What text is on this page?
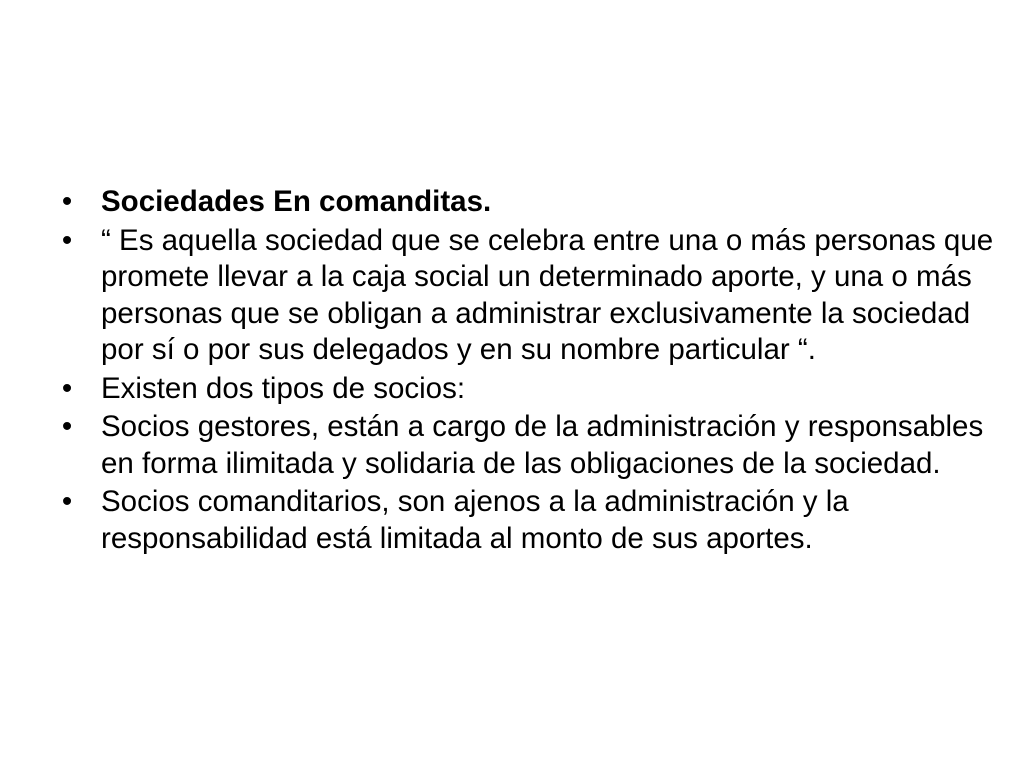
• Sociedades En comanditas.
• “ Es aquella sociedad que se celebra entre una o más personas que promete llevar a la caja social un determinado aporte, y una o más personas que se obligan a administrar exclusivamente la sociedad por sí o por sus delegados y en su nombre particular “.
• Existen dos tipos de socios:
• Socios gestores, están a cargo de la administración y responsables en forma ilimitada y solidaria de las obligaciones de la sociedad.
• Socios comanditarios, son ajenos a la administración y la responsabilidad está limitada al monto de sus aportes.
